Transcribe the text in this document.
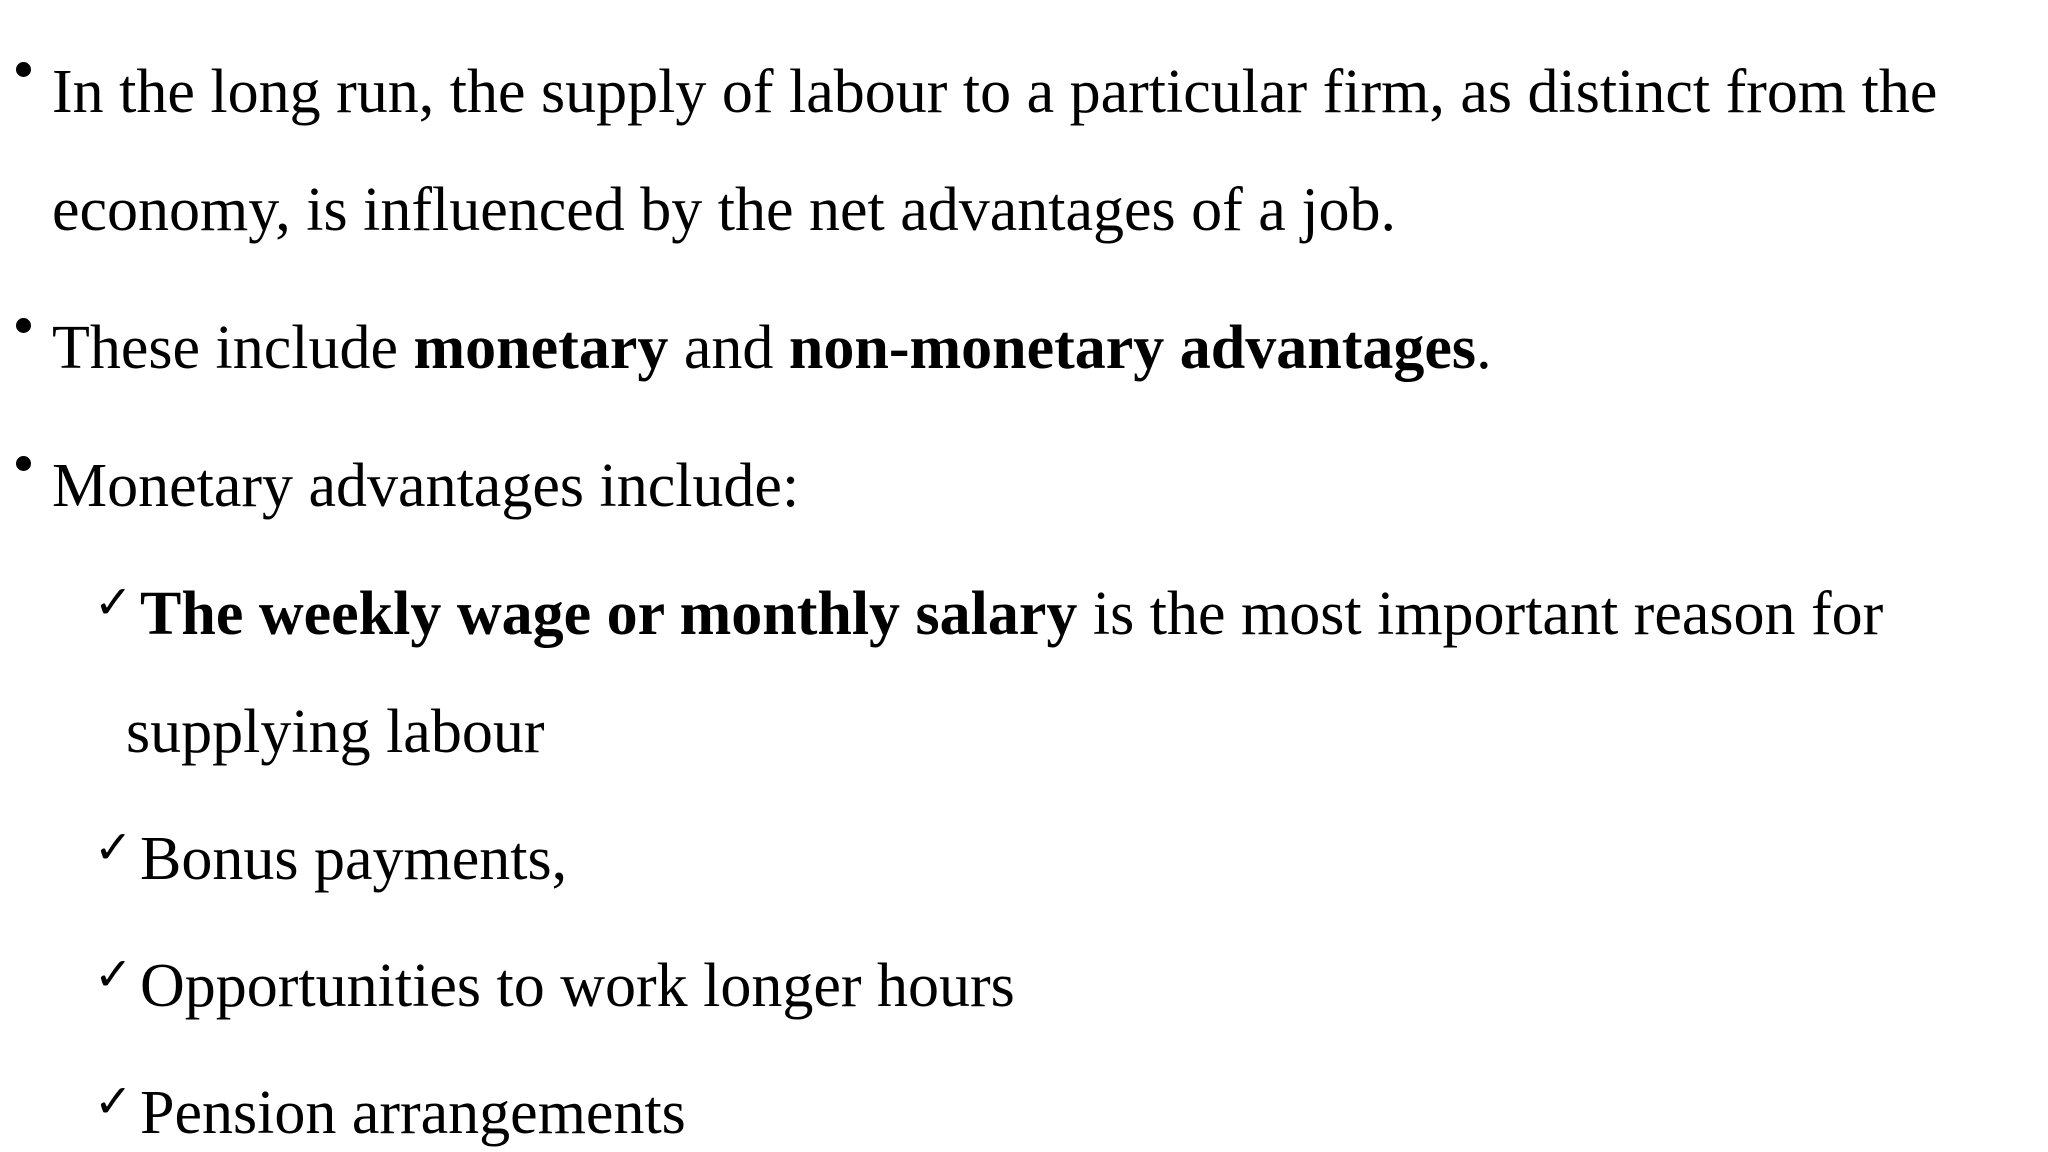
In the long run, the supply of labour to a particular firm, as distinct from the
economy, is influenced by the net advantages of a job.
These include monetary and non-monetary advantages.
Monetary advantages include:
✓ The weekly wage or monthly salary is the most important reason for
supplying labour
✓ Bonus payments,
✓ Opportunities to work longer hours
✓ Pension arrangements
